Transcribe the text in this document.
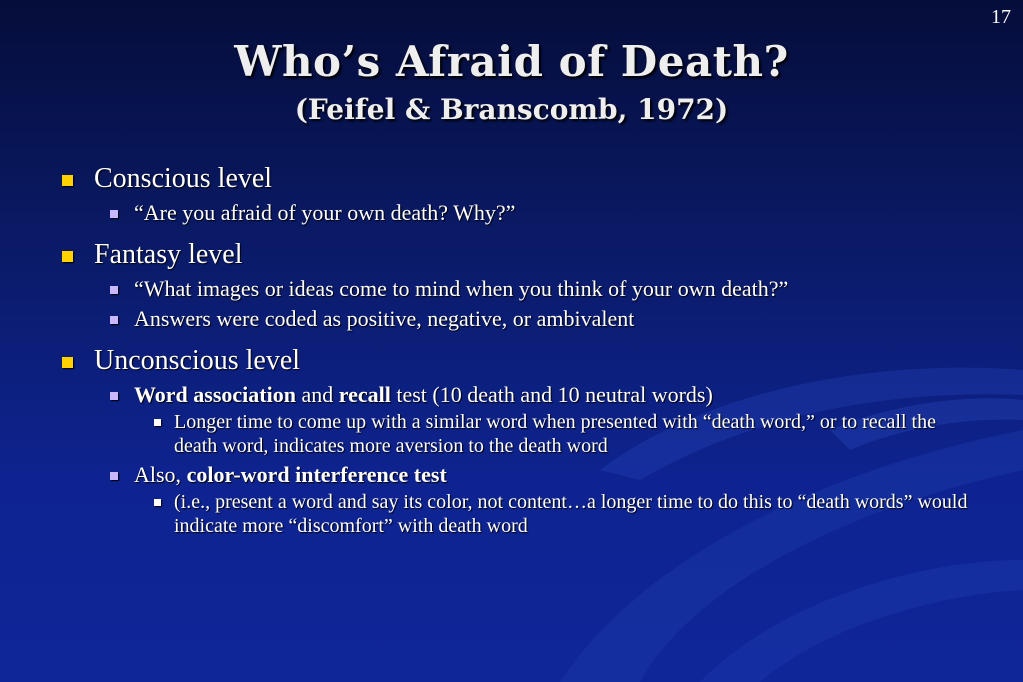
17
Who’s Afraid of Death?
(Feifel & Branscomb, 1972)
Conscious level
“Are you afraid of your own death? Why?”
Fantasy level
“What images or ideas come to mind when you think of your own death?”
Answers were coded as positive, negative, or ambivalent
Unconscious level
Word association and recall test (10 death and 10 neutral words)
Longer time to come up with a similar word when presented with “death word,” or to recall the death word, indicates more aversion to the death word
Also, color-word interference test
(i.e., present a word and say its color, not content…a longer time to do this to “death words” would indicate more “discomfort” with death word
